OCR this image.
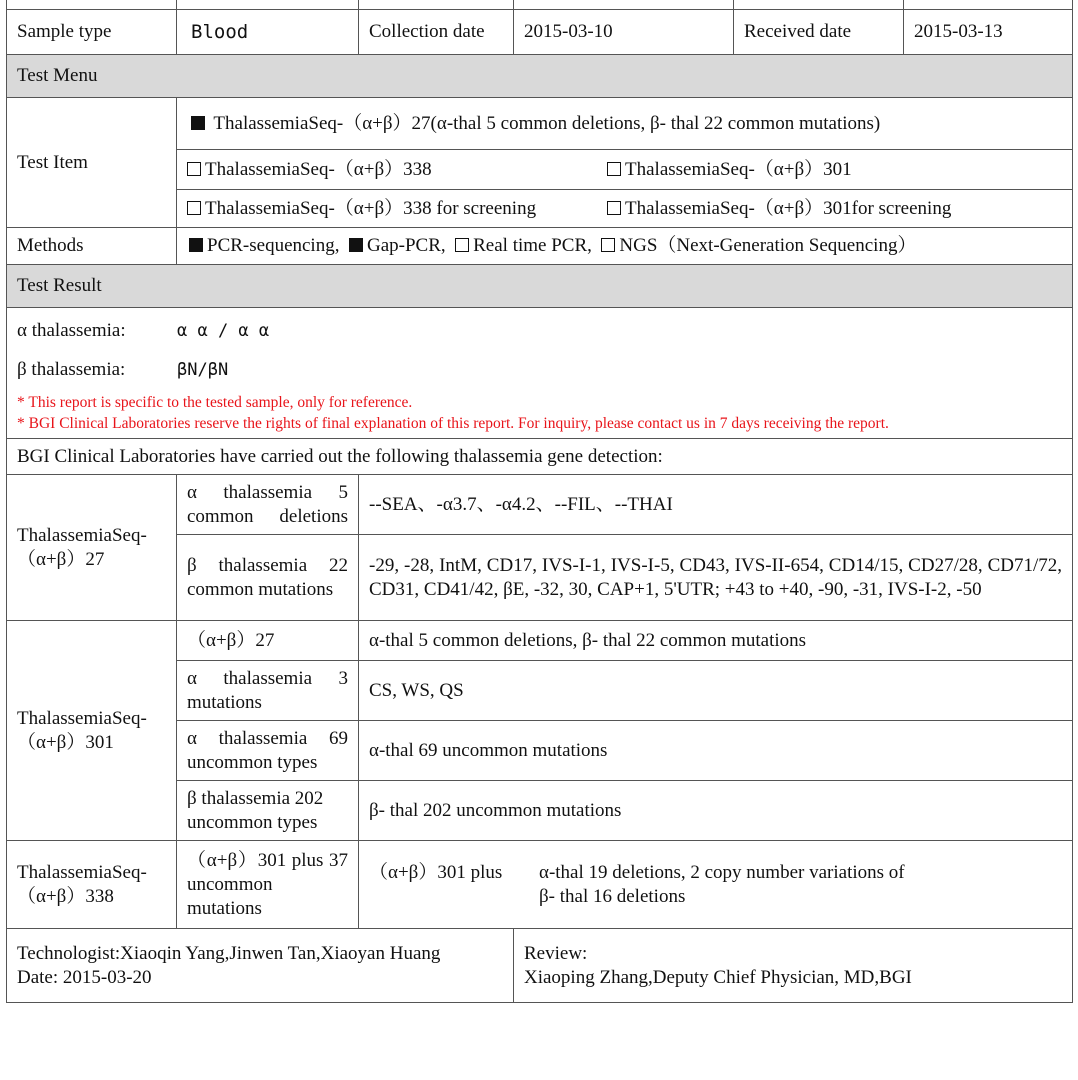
Sample type	Blood	Collection date	2015-03-10	Received date	2015-03-13
Test Menu
Test Item	ThalassemiaSeq-（α+β）27(α-thal 5 common deletions, β- thal 22 common mutations)

ThalassemiaSeq-（α+β）338	ThalassemiaSeq-（α+β）301

ThalassemiaSeq-（α+β）338 for screening	ThalassemiaSeq-（α+β）301for screening

Methods	PCR-sequencing, Gap-PCR, Real time PCR, NGS（Next-Generation Sequencing）
Test Result

α thalassemia:	α α / α α
β thalassemia:	βN/βN
* This report is specific to the tested sample, only for reference.
* BGI Clinical Laboratories reserve the rights of final explanation of this report. For inquiry, please contact us in 7 days receiving the report.

BGI Clinical Laboratories have carried out the following thalassemia gene detection:

ThalassemiaSeq-
（α+β）27
	α thalassemia 5 common deletions	--SEA、-α3.7、-α4.2、--FIL、--THAI
β thalassemia 22 common mutations	-29, -28, IntM, CD17, IVS-I-1, IVS-I-5, CD43, IVS-II-654, CD14/15, CD27/28, CD71/72, CD31, CD41/42, βE, -32, 30, CAP+1, 5'UTR; +43 to +40, -90, -31, IVS-I-2, -50

ThalassemiaSeq-
（α+β）301
	（α+β）27	α-thal 5 common deletions, β- thal 22 common mutations
α thalassemia 3 mutations	CS, WS, QS
α thalassemia 69 uncommon types	α-thal 69 uncommon mutations
β thalassemia 202 uncommon types	β- thal 202 uncommon mutations

ThalassemiaSeq-
（α+β）338
	（α+β）301 plus 37 uncommon mutations	
（α+β）301 plus	α-thal 19 deletions, 2 copy number variations of
β- thal 16 deletions

Technologist:Xiaoqin Yang,Jinwen Tan,Xiaoyan Huang
Date: 2015-03-20

Review:
Xiaoping Zhang,Deputy Chief Physician, MD,BGI
